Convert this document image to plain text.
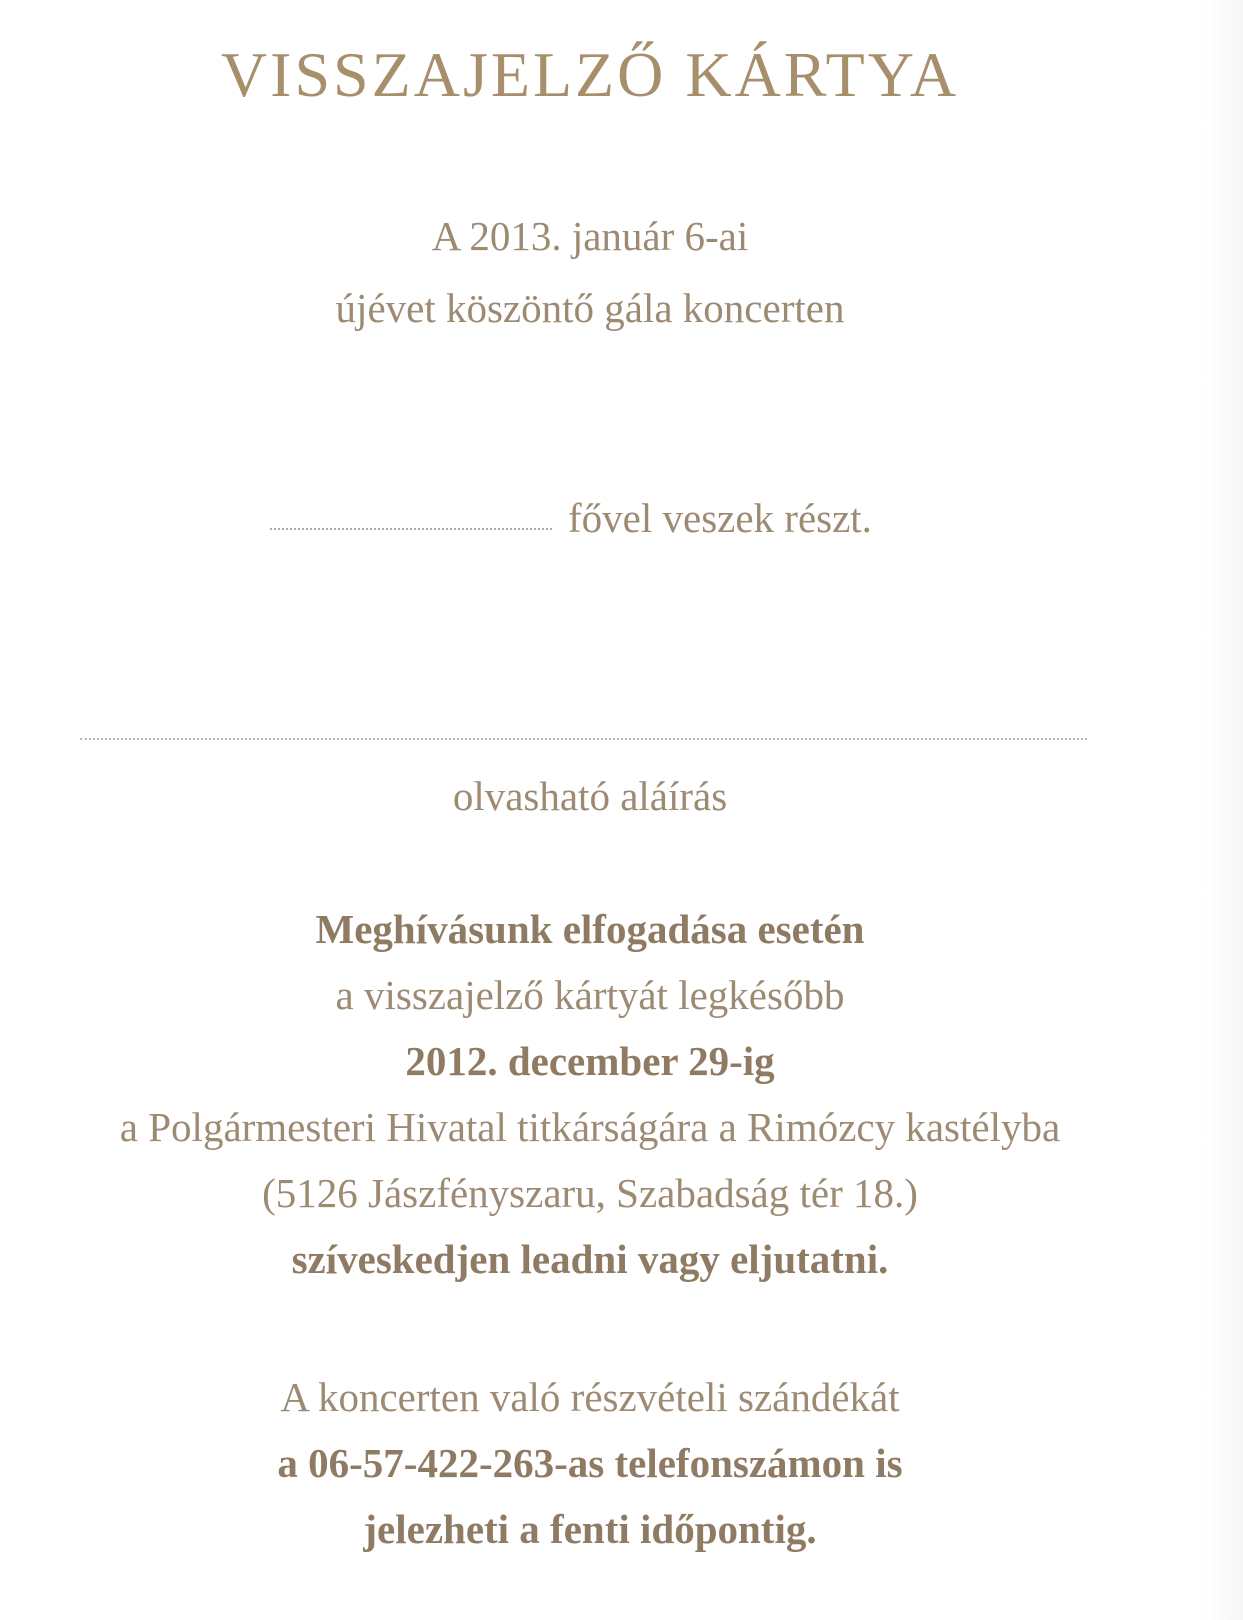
VISSZAJELZŐ KÁRTYA
A 2013. január 6-ai
újévet köszöntő gála koncerten
fővel veszek részt.
olvasható aláírás
Meghívásunk elfogadása esetén
a visszajelző kártyát legkésőbb
2012. december 29-ig
a Polgármesteri Hivatal titkárságára a Rimózcy kastélyba
(5126 Jászfényszaru, Szabadság tér 18.)
szíveskedjen leadni vagy eljutatni.
A koncerten való részvételi szándékát
a 06-57-422-263-as telefonszámon is
jelezheti a fenti időpontig.
